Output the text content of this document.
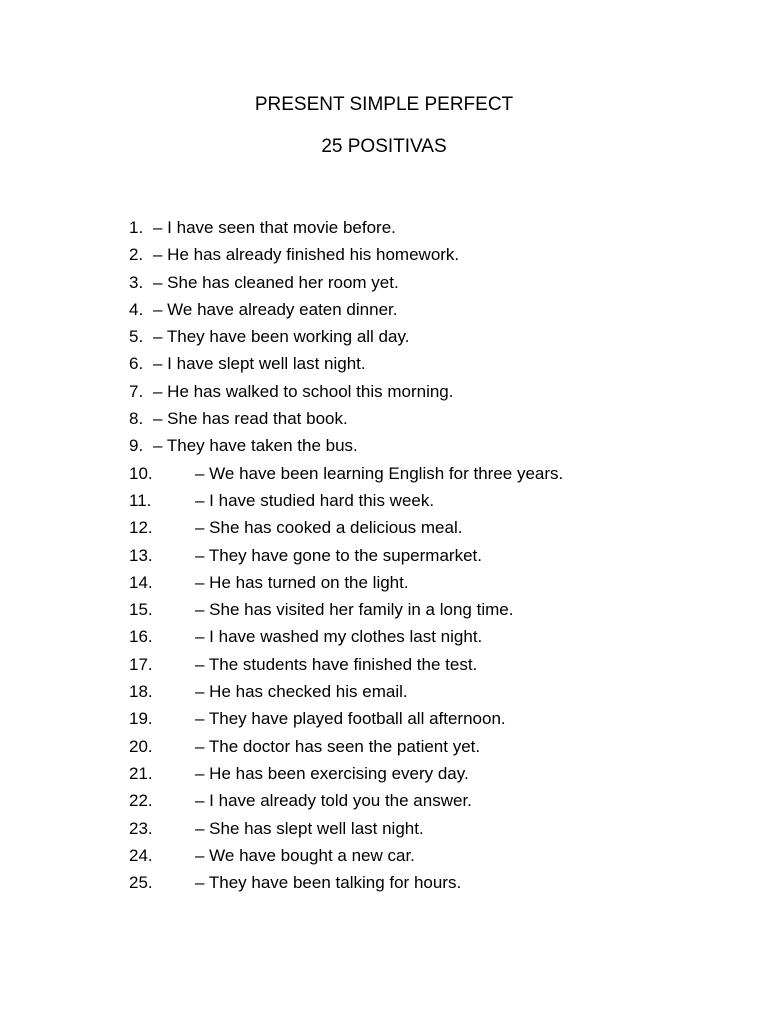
PRESENT SIMPLE PERFECT
25 POSITIVAS
1. – I have seen that movie before.
2. – He has already finished his homework.
3. – She has cleaned her room yet.
4. – We have already eaten dinner.
5. – They have been working all day.
6. – I have slept well last night.
7. – He has walked to school this morning.
8. – She has read that book.
9. – They have taken the bus.
10. – We have been learning English for three years.
11.	– I have studied hard this week.
12. – She has cooked a delicious meal.
13. – They have gone to the supermarket.
14. – He has turned on the light.
15. – She has visited her family in a long time.
16. – I have washed my clothes last night.
17. – The students have finished the test.
18. – He has checked his email.
19. – They have played football all afternoon.
20. – The doctor has seen the patient yet.
21. – He has been exercising every day.
22. – I have already told you the answer.
23. – She has slept well last night.
24. – We have bought a new car.
25. – They have been talking for hours.
